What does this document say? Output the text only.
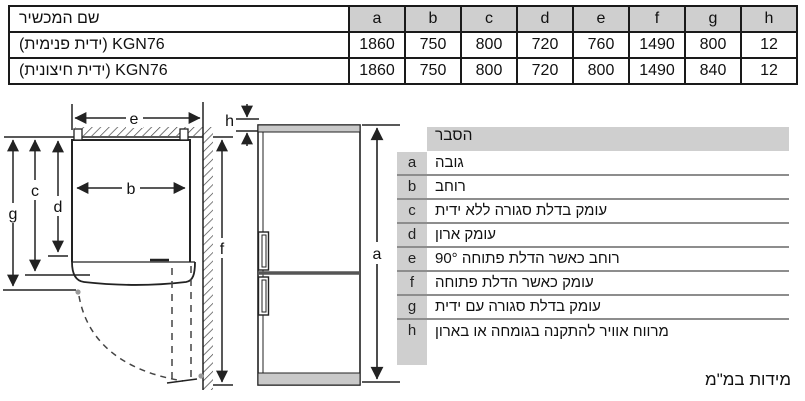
שם המכשיר	a	b	c	d	e	f	g	h
KGN76 (ידית פנימית)	1860	750	800	720	760	1490	800	12
KGN76 (ידית חיצונית)	1860	750	800	720	800	1490	840	12
e	h
b
d
c
g
f	a
הסבר
a	גובה
b	רוחב
c	עומק בדלת סגורה ללא ידית
d	עומק ארון
e	רוחב כאשר הדלת פתוחה 90°
f	עומק כאשר הדלת פתוחה
g	עומק בדלת סגורה עם ידית
h	מרווח אוויר להתקנה בגומחה או בארון
מידות במ"מ
